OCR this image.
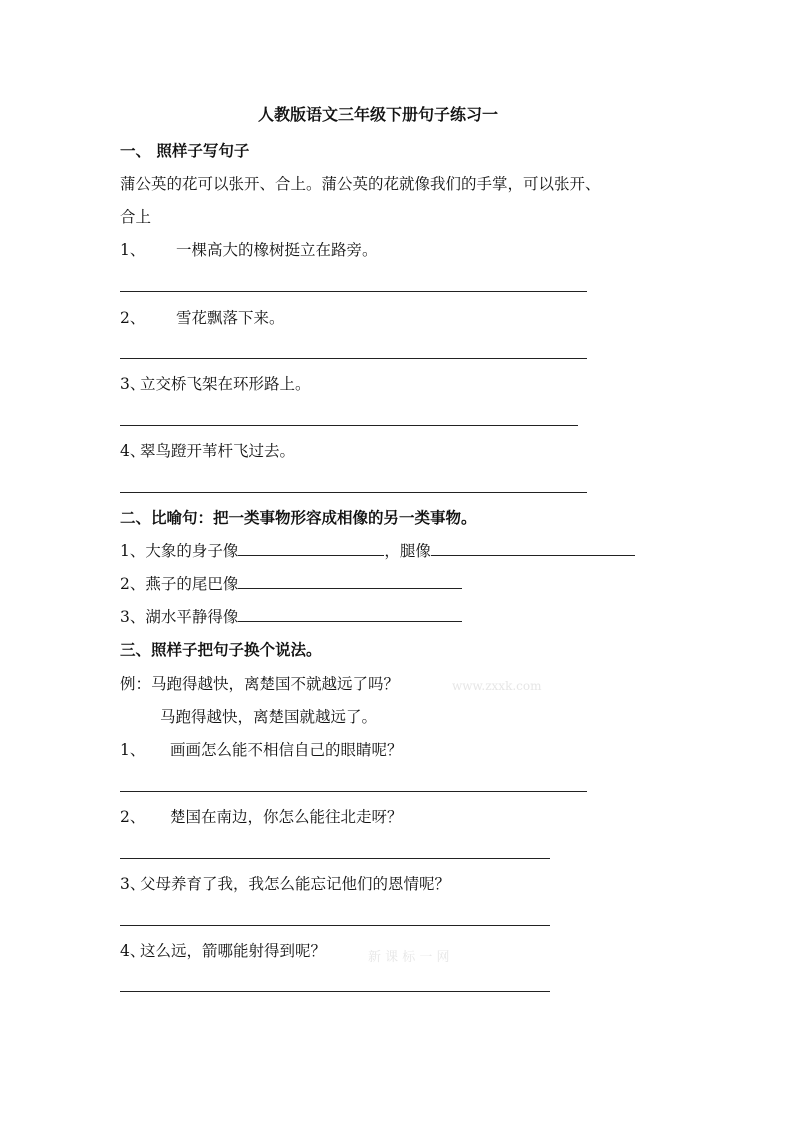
人教版语文三年级下册句子练习一
一、 照样子写句子
蒲公英的花可以张开、合上。蒲公英的花就像我们的手掌，可以张开、
合上
1、 一棵高大的橡树挺立在路旁。
2、 雪花飘落下来。
3、
立交桥飞架在环形路上。
4、
翠鸟蹬开苇杆飞过去。
二、比喻句：把一类事物形容成相像的另一类事物。
1、大象的身子像	，腿像
2、燕子的尾巴像
3、湖水平静得像
三、照样子把句子换个说法。
例：马跑得越快，离楚国不就越远了吗？	www.zxxk.com
马跑得越快，离楚国就越远了。
1、 画画怎么能不相信自己的眼睛呢？
2、 楚国在南边，你怎么能往北走呀？
3、
父母养育了我，我怎么能忘记他们的恩情呢？
4、
这么远，箭哪能射得到呢？	新 课 标 一 网
